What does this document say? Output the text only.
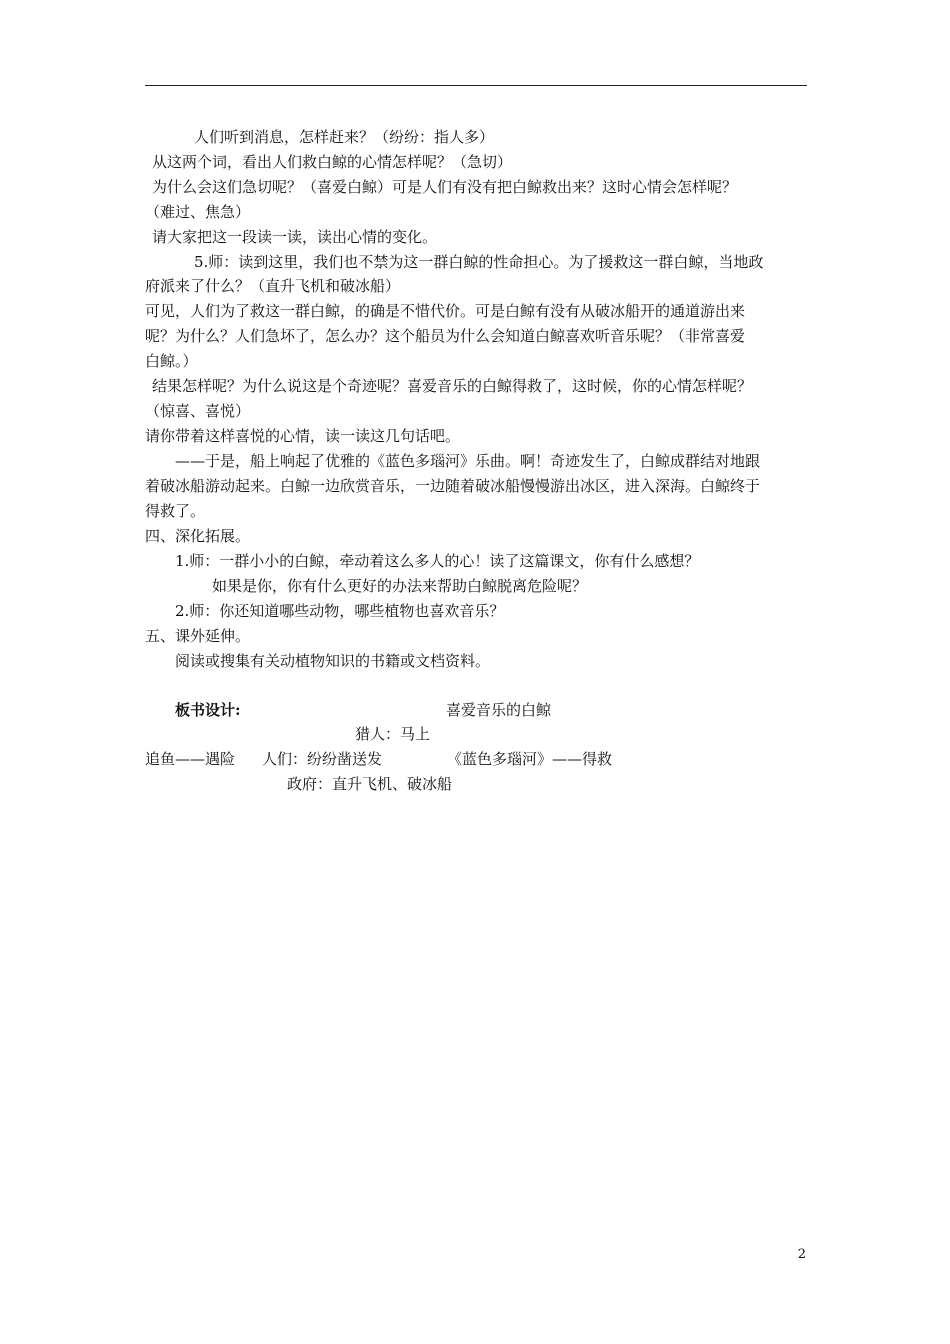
人们听到消息，怎样赶来？（纷纷：指人多）
从这两个词，看出人们救白鲸的心情怎样呢？（急切）
为什么会这们急切呢？（喜爱白鲸）可是人们有没有把白鲸救出来？这时心情会怎样呢？
（难过、焦急）
请大家把这一段读一读，读出心情的变化。
5.师：读到这里，我们也不禁为这一群白鲸的性命担心。为了援救这一群白鲸，当地政
府派来了什么？（直升飞机和破冰船）
可见，人们为了救这一群白鲸，的确是不惜代价。可是白鲸有没有从破冰船开的通道游出来
呢？为什么？人们急坏了，怎么办？这个船员为什么会知道白鲸喜欢听音乐呢？（非常喜爱
白鲸。）
结果怎样呢？为什么说这是个奇迹呢？喜爱音乐的白鲸得救了，这时候，你的心情怎样呢？
（惊喜、喜悦）
请你带着这样喜悦的心情，读一读这几句话吧。
——于是，船上响起了优雅的《蓝色多瑙河》乐曲。啊！奇迹发生了，白鲸成群结对地跟
着破冰船游动起来。白鲸一边欣赏音乐，一边随着破冰船慢慢游出冰区，进入深海。白鲸终于
得救了。
四、深化拓展。
1.师：一群小小的白鲸，牵动着这么多人的心！读了这篇课文，你有什么感想？
如果是你，你有什么更好的办法来帮助白鲸脱离危险呢？
2.师：你还知道哪些动物，哪些植物也喜欢音乐？
五、课外延伸。
阅读或搜集有关动植物知识的书籍或文档资料。
板书设计:	喜爱音乐的白鲸
猎人：马上
追鱼——遇险 人们：纷纷凿送发	《蓝色多瑙河》——得救
政府：直升飞机、破冰船
2
